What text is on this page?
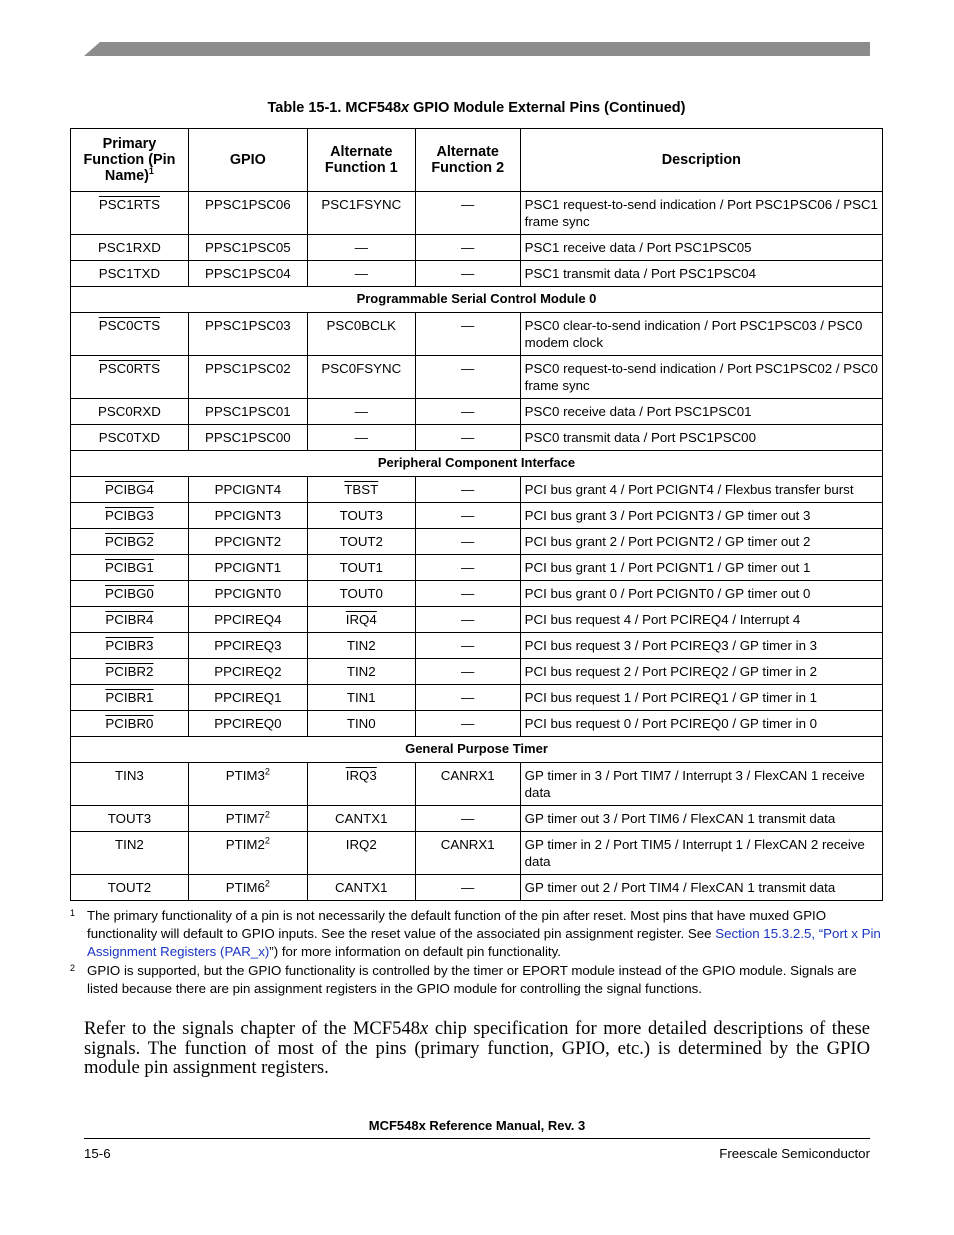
Table 15-1. MCF548x GPIO Module External Pins (Continued)
Primary Function (Pin Name)$^1$	GPIO	Alternate Function 1	Alternate Function 2	Description
PSC1RTS	PPSC1PSC06	PSC1FSYNC	—	PSC1 request-to-send indication / Port PSC1PSC06 / PSC1 frame sync
PSC1RXD	PPSC1PSC05	—	—	PSC1 receive data / Port PSC1PSC05
PSC1TXD	PPSC1PSC04	—	—	PSC1 transmit data / Port PSC1PSC04
Programmable Serial Control Module 0				
PSC0CTS	PPSC1PSC03	PSC0BCLK	—	PSC0 clear-to-send indication / Port PSC1PSC03 / PSC0 modem clock
PSC0RTS	PPSC1PSC02	PSC0FSYNC	—	PSC0 request-to-send indication / Port PSC1PSC02 / PSC0 frame sync
PSC0RXD	PPSC1PSC01	—	—	PSC0 receive data / Port PSC1PSC01
PSC0TXD	PPSC1PSC00	—	—	PSC0 transmit data / Port PSC1PSC00
Peripheral Component Interface				
PCIBG4	PPCIGNT4	TBST	—	PCI bus grant 4 / Port PCIGNT4 / Flexbus transfer burst
PCIBG3	PPCIGNT3	TOUT3	—	PCI bus grant 3 / Port PCIGNT3 / GP timer out 3
PCIBG2	PPCIGNT2	TOUT2	—	PCI bus grant 2 / Port PCIGNT2 / GP timer out 2
PCIBG1	PPCIGNT1	TOUT1	—	PCI bus grant 1 / Port PCIGNT1 / GP timer out 1
PCIBG0	PPCIGNT0	TOUT0	—	PCI bus grant 0 / Port PCIGNT0 / GP timer out 0
PCIBR4	PPCIREQ4	IRQ4	—	PCI bus request 4 / Port PCIREQ4 / Interrupt 4
PCIBR3	PPCIREQ3	TIN2	—	PCI bus request 3 / Port PCIREQ3 / GP timer in 3
PCIBR2	PPCIREQ2	TIN2	—	PCI bus request 2 / Port PCIREQ2 / GP timer in 2
PCIBR1	PPCIREQ1	TIN1	—	PCI bus request 1 / Port PCIREQ1 / GP timer in 1
PCIBR0	PPCIREQ0	TIN0	—	PCI bus request 0 / Port PCIREQ0 / GP timer in 0
General Purpose Timer				
TIN3	$PTIM3^2$	IRQ3	CANRX1	GP timer in 3 / Port TIM7 / Interrupt 3 / FlexCAN 1 receive data
TOUT3	$PTIM7^2$	CANTX1	—	GP timer out 3 / Port TIM6 / FlexCAN 1 transmit data
TIN2	$PTIM2^2$	IRQ2	CANRX1	GP timer in 2 / Port TIM5 / Interrupt 1 / FlexCAN 2 receive data
TOUT2	$PTIM6^2$	CANTX1	—	GP timer out 2 / Port TIM4 / FlexCAN 1 transmit data
1 The primary functionality of a pin is not necessarily the default function of the pin after reset. Most pins that have muxed GPIO functionality will default to GPIO inputs. See the reset value of the associated pin assignment register. See Section 15.3.2.5, “Port x Pin Assignment Registers (PAR_x)”) for more information on default pin functionality.
2 GPIO is supported, but the GPIO functionality is controlled by the timer or EPORT module instead of the GPIO module. Signals are listed because there are pin assignment registers in the GPIO module for controlling the signal functions.
Refer to the signals chapter of the MCF548x chip specification for more detailed descriptions of these signals. The function of most of the pins (primary function, GPIO, etc.) is determined by the GPIO module pin assignment registers.
MCF548x Reference Manual, Rev. 3
15-6	Freescale Semiconductor
